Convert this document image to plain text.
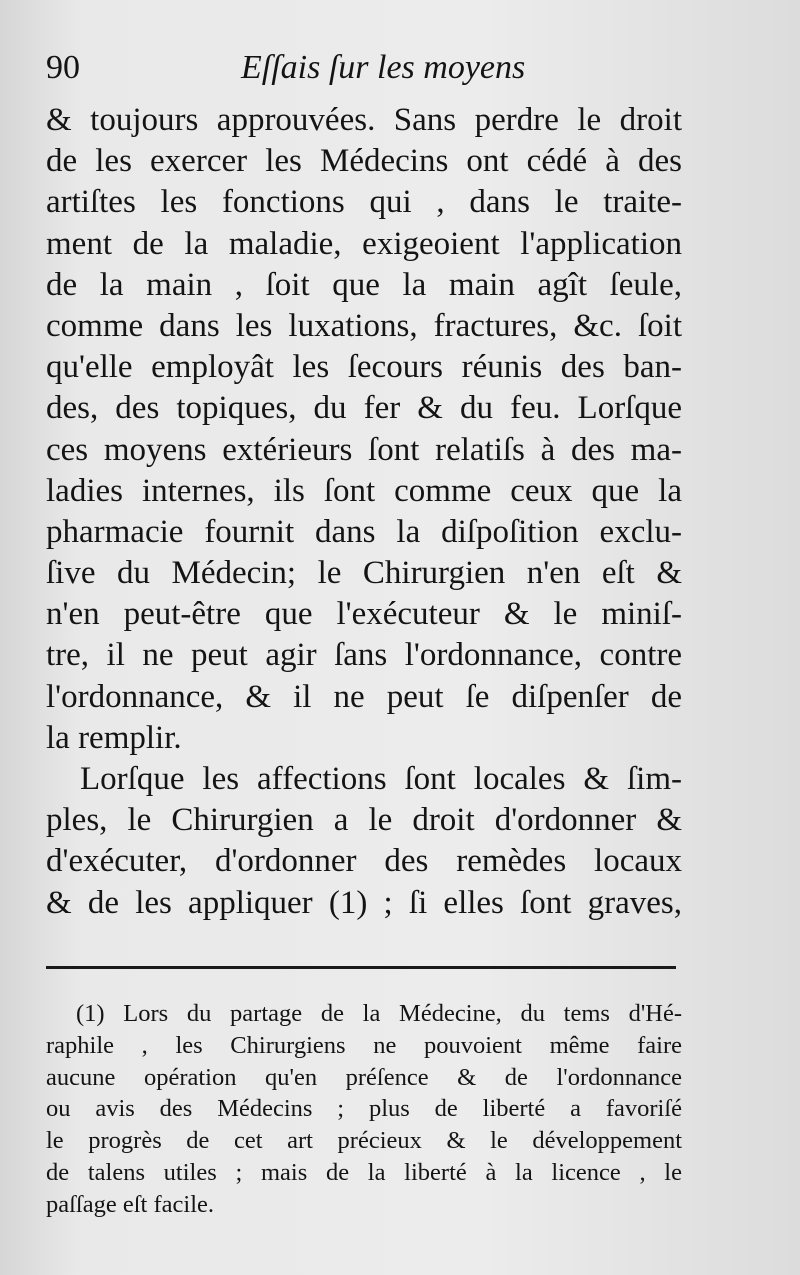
90	Eſſais ſur les moyens
& toujours approuvées. Sans perdre le droit
de les exercer les Médecins ont cédé à des
artiſtes les fonctions qui , dans le traite-
ment de la maladie, exigeoient l'application
de la main , ſoit que la main agît ſeule,
comme dans les luxations, fractures, &c. ſoit
qu'elle employât les ſecours réunis des ban-
des, des topiques, du fer & du feu. Lorſque
ces moyens extérieurs ſont relatiſs à des ma-
ladies internes, ils ſont comme ceux que la
pharmacie fournit dans la diſpoſition exclu-
ſive du Médecin; le Chirurgien n'en eſt &
n'en peut-être que l'exécuteur & le miniſ-
tre, il ne peut agir ſans l'ordonnance, contre
l'ordonnance, & il ne peut ſe diſpenſer de
la remplir.
Lorſque les affections ſont locales & ſim-
ples, le Chirurgien a le droit d'ordonner &
d'exécuter, d'ordonner des remèdes locaux
& de les appliquer (1) ; ſi elles ſont graves,
(1) Lors du partage de la Médecine, du tems d'Hé-
raphile , les Chirurgiens ne pouvoient même faire
aucune opération qu'en préſence & de l'ordonnance
ou avis des Médecins ; plus de liberté a favoriſé
le progrès de cet art précieux & le développement
de talens utiles ; mais de la liberté à la licence , le
paſſage eſt facile.
